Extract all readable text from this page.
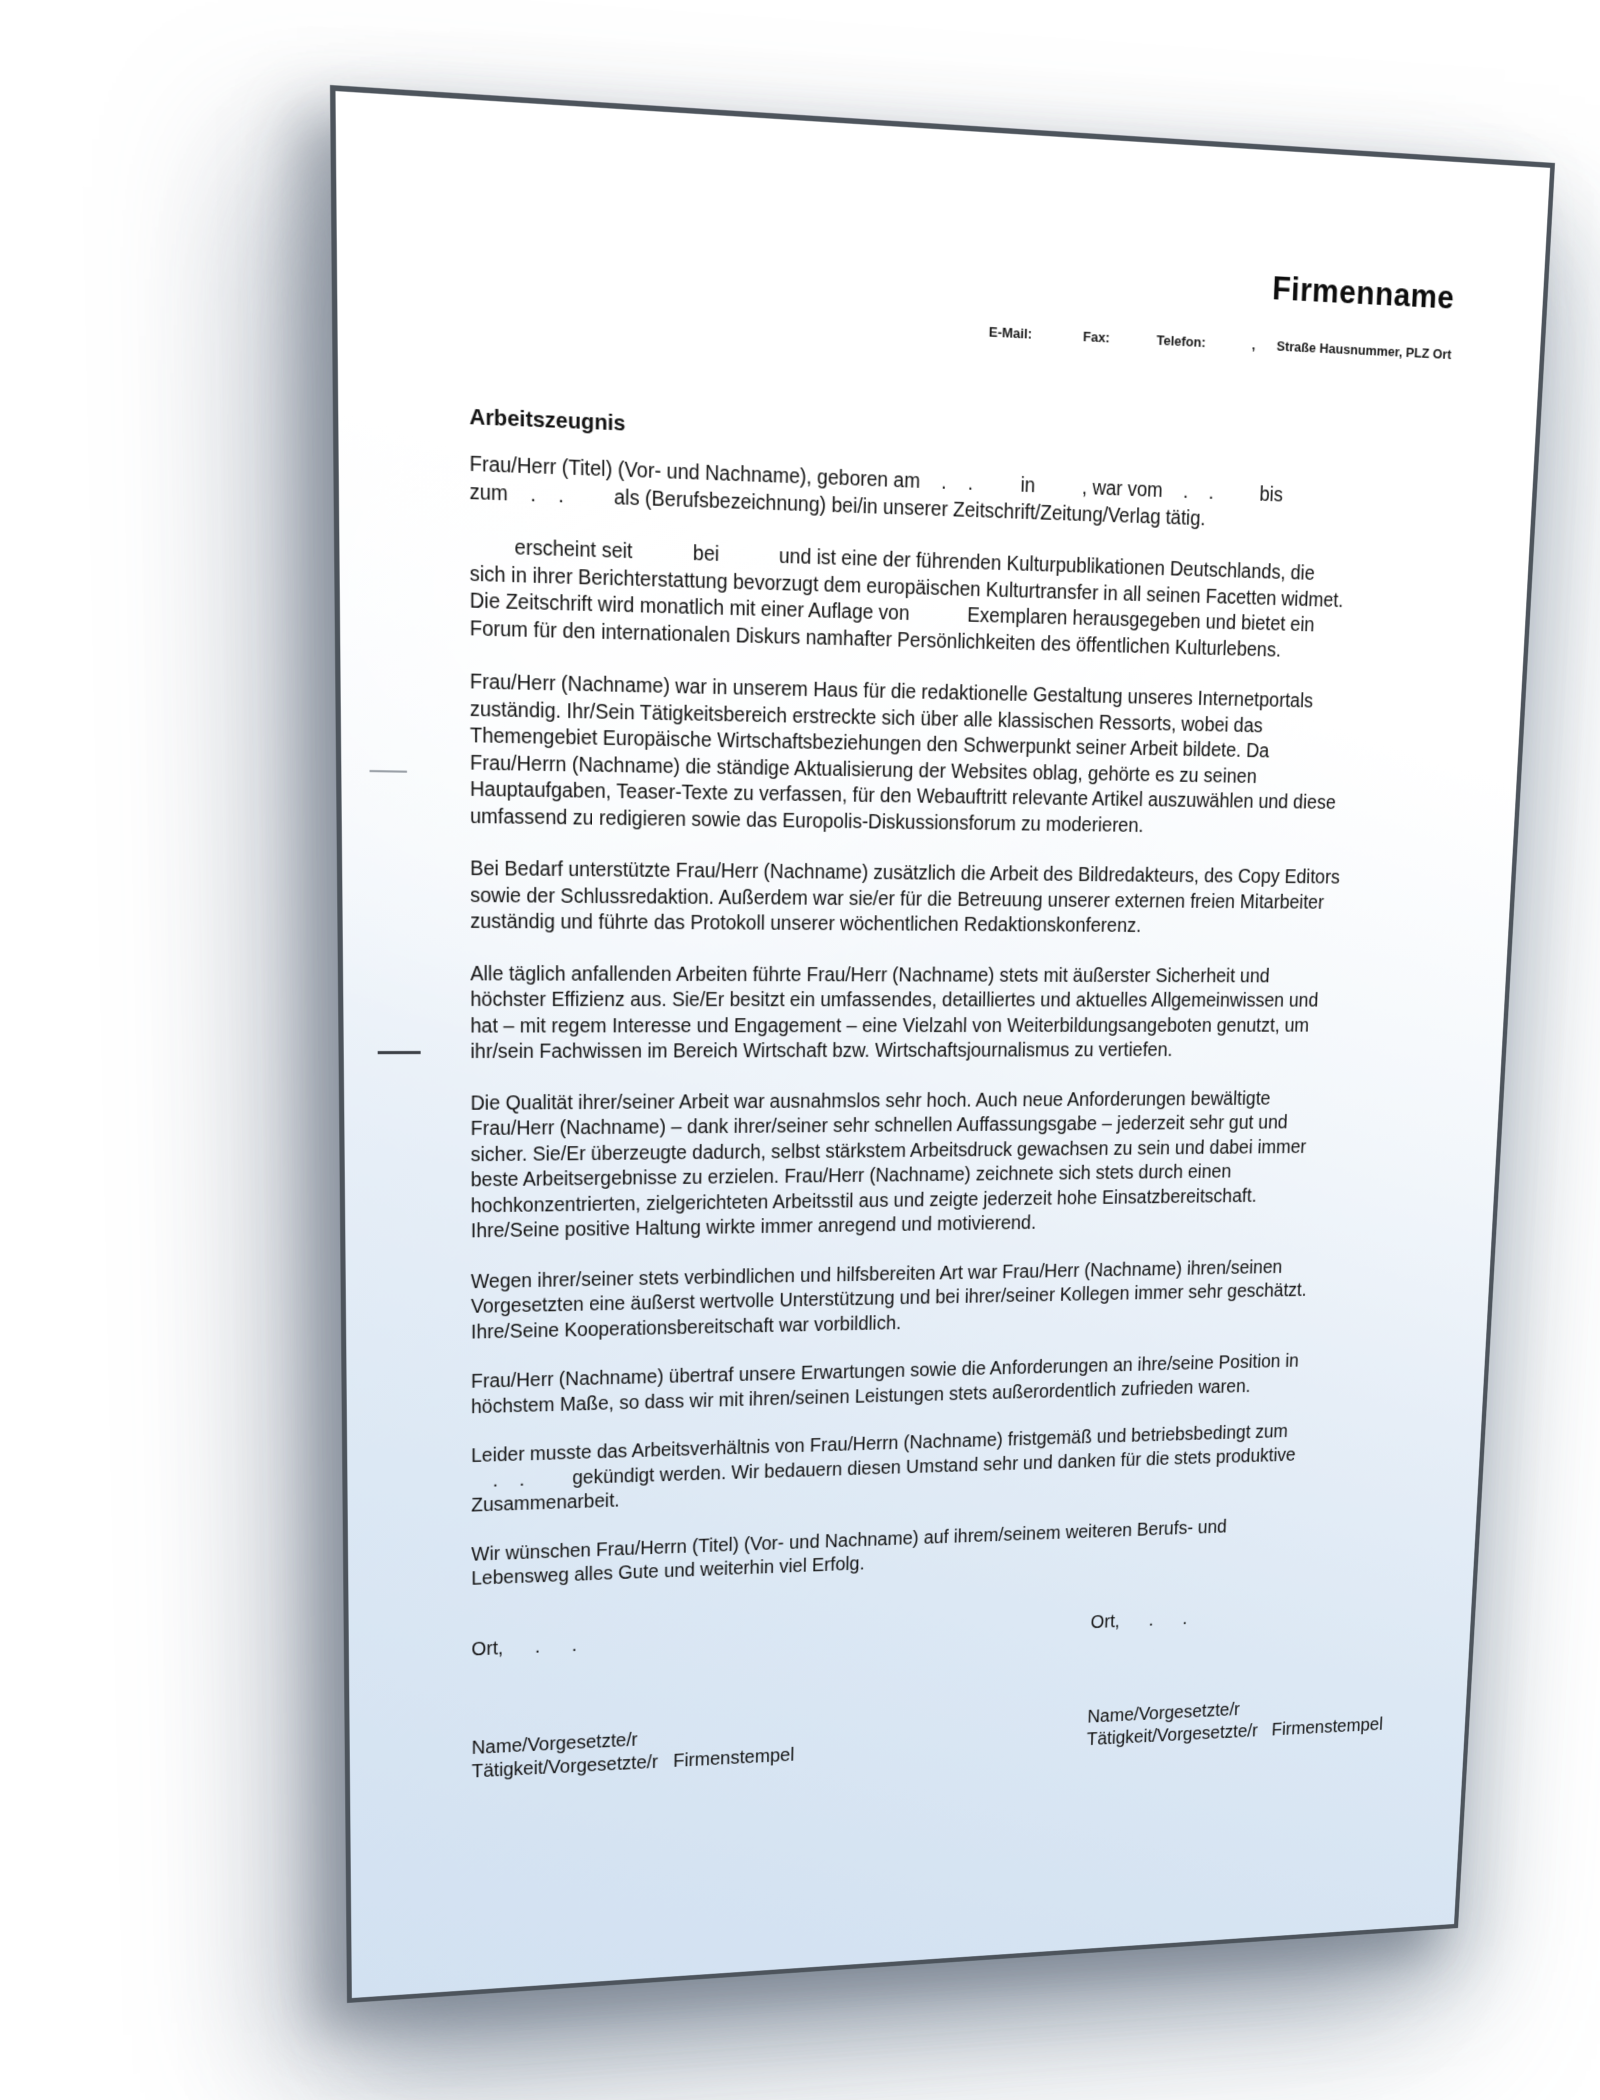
Firmenname
E-Mail:              Fax:             Telefon:             ,      Straße Hausnummer, PLZ Ort
Arbeitszeugnis

Frau/Herr (Titel) (Vor- und Nachname), geboren am    .    .         in         , war vom    .    .         bis
zum    .    .         als (Berufsbezeichnung) bei/in unserer Zeitschrift/Zeitung/Verlag tätig.

erscheint seit           bei           und ist eine der führenden Kulturpublikationen Deutschlands, die
sich in ihrer Berichterstattung bevorzugt dem europäischen Kulturtransfer in all seinen Facetten widmet.
Die Zeitschrift wird monatlich mit einer Auflage von           Exemplaren herausgegeben und bietet ein
Forum für den internationalen Diskurs namhafter Persönlichkeiten des öffentlichen Kulturlebens.

Frau/Herr (Nachname) war in unserem Haus für die redaktionelle Gestaltung unseres Internetportals
zuständig. Ihr/Sein Tätigkeitsbereich erstreckte sich über alle klassischen Ressorts, wobei das
Themengebiet Europäische Wirtschaftsbeziehungen den Schwerpunkt seiner Arbeit bildete. Da
Frau/Herrn (Nachname) die ständige Aktualisierung der Websites oblag, gehörte es zu seinen
Hauptaufgaben, Teaser-Texte zu verfassen, für den Webauftritt relevante Artikel auszuwählen und diese
umfassend zu redigieren sowie das Europolis-Diskussionsforum zu moderieren.

Bei Bedarf unterstützte Frau/Herr (Nachname) zusätzlich die Arbeit des Bildredakteurs, des Copy Editors
sowie der Schlussredaktion. Außerdem war sie/er für die Betreuung unserer externen freien Mitarbeiter
zuständig und führte das Protokoll unserer wöchentlichen Redaktionskonferenz.

Alle täglich anfallenden Arbeiten führte Frau/Herr (Nachname) stets mit äußerster Sicherheit und
höchster Effizienz aus. Sie/Er besitzt ein umfassendes, detailliertes und aktuelles Allgemeinwissen und
hat – mit regem Interesse und Engagement – eine Vielzahl von Weiterbildungsangeboten genutzt, um
ihr/sein Fachwissen im Bereich Wirtschaft bzw. Wirtschaftsjournalismus zu vertiefen.

Die Qualität ihrer/seiner Arbeit war ausnahmslos sehr hoch. Auch neue Anforderungen bewältigte
Frau/Herr (Nachname) – dank ihrer/seiner sehr schnellen Auffassungsgabe – jederzeit sehr gut und
sicher. Sie/Er überzeugte dadurch, selbst stärkstem Arbeitsdruck gewachsen zu sein und dabei immer
beste Arbeitsergebnisse zu erzielen. Frau/Herr (Nachname) zeichnete sich stets durch einen
hochkonzentrierten, zielgerichteten Arbeitsstil aus und zeigte jederzeit hohe Einsatzbereitschaft.
Ihre/Seine positive Haltung wirkte immer anregend und motivierend.

Wegen ihrer/seiner stets verbindlichen und hilfsbereiten Art war Frau/Herr (Nachname) ihren/seinen
Vorgesetzten eine äußerst wertvolle Unterstützung und bei ihrer/seiner Kollegen immer sehr geschätzt.
Ihre/Seine Kooperationsbereitschaft war vorbildlich.

Frau/Herr (Nachname) übertraf unsere Erwartungen sowie die Anforderungen an ihre/seine Position in
höchstem Maße, so dass wir mit ihren/seinen Leistungen stets außerordentlich zufrieden waren.

Leider musste das Arbeitsverhältnis von Frau/Herrn (Nachname) fristgemäß und betriebsbedingt zum
.    .         gekündigt werden. Wir bedauern diesen Umstand sehr und danken für die stets produktive
Zusammenarbeit.

Wir wünschen Frau/Herrn (Titel) (Vor- und Nachname) auf ihrem/seinem weiteren Berufs- und
Lebensweg alles Gute und weiterhin viel Erfolg.

Ort,      .      .
Name/Vorgesetzte/r
Tätigkeit/Vorgesetzte/r Firmenstempel
Ort,      .      .
Name/Vorgesetzte/r
Tätigkeit/Vorgesetzte/r Firmenstempel
